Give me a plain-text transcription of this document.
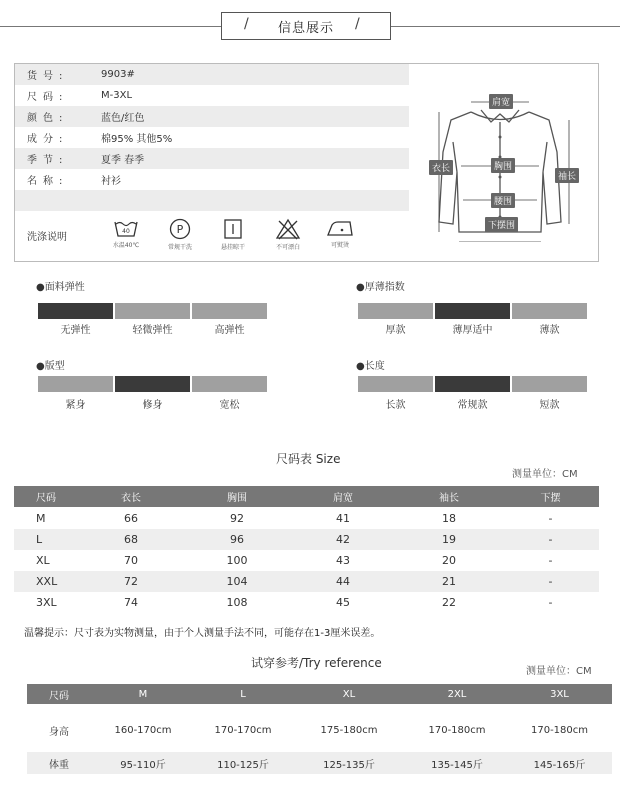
信息展示
/	/
货号:	9903#
尺码:	M-3XL
颜色:	蓝色/红色
成分:	棉95% 其他5%
季节:	夏季 春季
名称:	衬衫
洗涤说明
40
水温40℃
P
常规干洗	悬挂晾干	不可漂白	可熨烫
肩宽
衣长	胸围
袖长
腰围
下摆围
●面料弹性
无弹性	轻微弹性	高弹性
●厚薄指数
厚款	薄厚适中	薄款
●版型
紧身	修身	宽松
●长度
长款	常规款	短款
尺码表 Size
测量单位：CM
尺码	衣长	胸围	肩宽	袖长	下摆
M	66	92	41	18	-
L	68	96	42	19	-
XL	70	100	43	20	-
XXL	72	104	44	21	-
3XL	74	108	45	22	-
温馨提示：尺寸表为实物测量，由于个人测量手法不同，可能存在1-3厘米误差。
试穿参考/Try reference
测量单位：CM
尺码	M	L	XL	2XL	3XL
身高	160-170cm	170-170cm	175-180cm	170-180cm	170-180cm
体重	95-110斤	110-125斤	125-135斤	135-145斤	145-165斤
